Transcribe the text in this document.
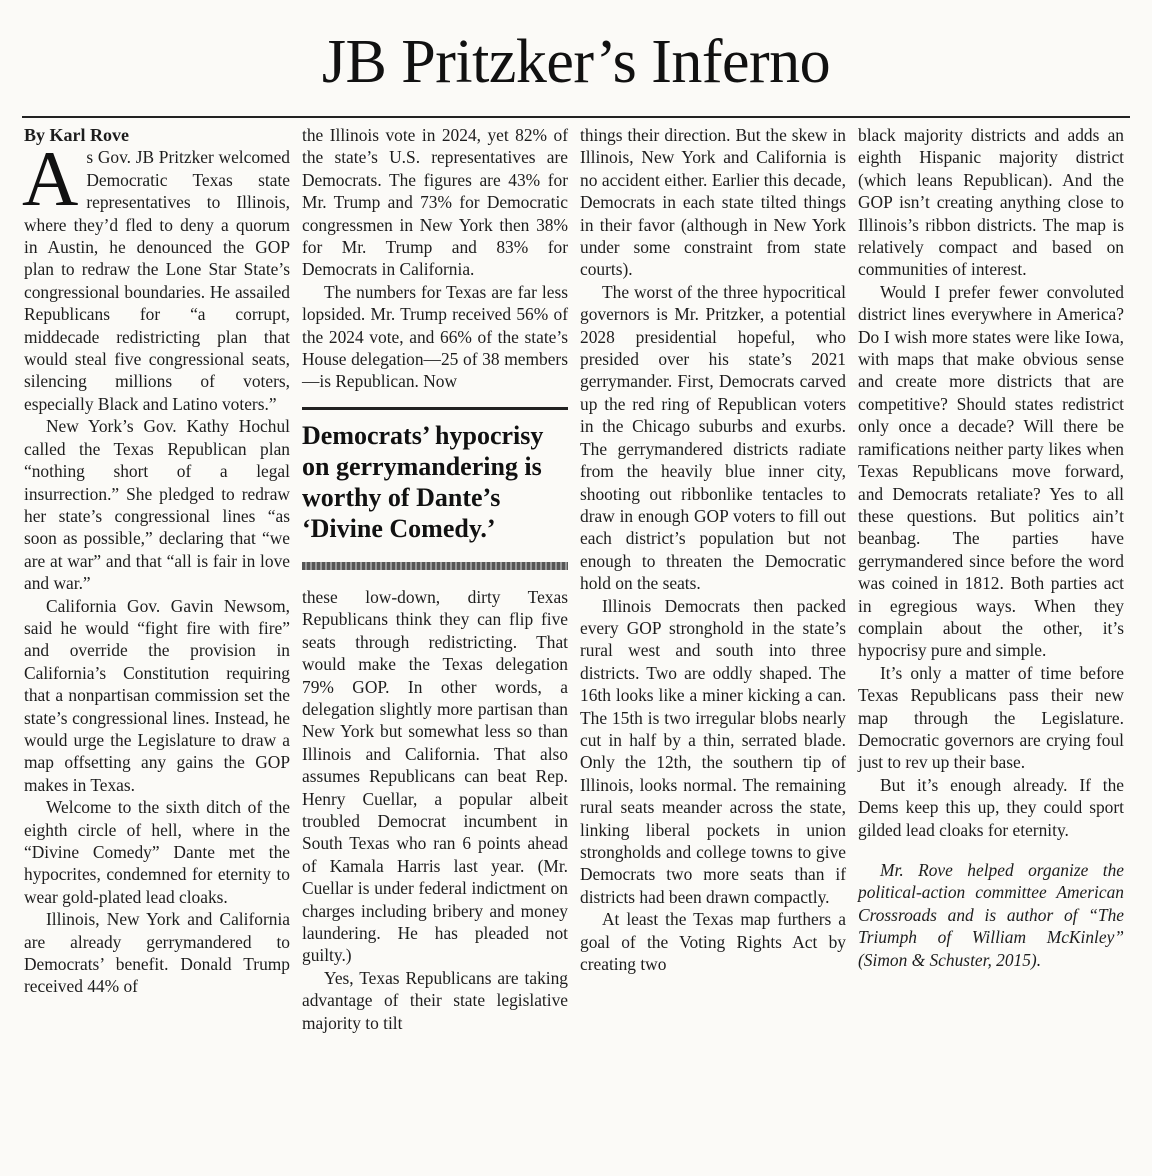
JB Pritzker’s Inferno

By Karl Rove

As Gov. JB Pritzker welcomed Democratic Texas state representatives to Illinois, where they’d fled to deny a quorum in Austin, he denounced the GOP plan to redraw the Lone Star State’s congressional boundaries. He assailed Republicans for “a corrupt, middecade redistricting plan that would steal five congressional seats, silencing millions of voters, especially Black and Latino voters.”

New York’s Gov. Kathy Hochul called the Texas Republican plan “nothing short of a legal insurrection.” She pledged to redraw her state’s congressional lines “as soon as possible,” declaring that “we are at war” and that “all is fair in love and war.”

California Gov. Gavin Newsom, said he would “fight fire with fire” and override the provision in California’s Constitution requiring that a nonpartisan commission set the state’s congressional lines. Instead, he would urge the Legislature to draw a map offsetting any gains the GOP makes in Texas.

Welcome to the sixth ditch of the eighth circle of hell, where in the “Divine Comedy” Dante met the hypocrites, condemned for eternity to wear gold-plated lead cloaks.

Illinois, New York and California are already gerrymandered to Democrats’ benefit. Donald Trump received 44% of

the Illinois vote in 2024, yet 82% of the state’s U.S. representatives are Democrats. The figures are 43% for Mr. Trump and 73% for Democratic congressmen in New York then 38% for Mr. Trump and 83% for Democrats in California.

The numbers for Texas are far less lopsided. Mr. Trump received 56% of the 2024 vote, and 66% of the state’s House delegation—25 of 38 members—is Republican. Now

Democrats’ hypocrisy on gerrymandering is worthy of Dante’s ‘Divine Comedy.’

these low-down, dirty Texas Republicans think they can flip five seats through redistricting. That would make the Texas delegation 79% GOP. In other words, a delegation slightly more partisan than New York but somewhat less so than Illinois and California. That also assumes Republicans can beat Rep. Henry Cuellar, a popular albeit troubled Democrat incumbent in South Texas who ran 6 points ahead of Kamala Harris last year. (Mr. Cuellar is under federal indictment on charges including bribery and money laundering. He has pleaded not guilty.)

Yes, Texas Republicans are taking advantage of their state legislative majority to tilt

things their direction. But the skew in Illinois, New York and California is no accident either. Earlier this decade, Democrats in each state tilted things in their favor (although in New York under some constraint from state courts).

The worst of the three hypocritical governors is Mr. Pritzker, a potential 2028 presidential hopeful, who presided over his state’s 2021 gerrymander. First, Democrats carved up the red ring of Republican voters in the Chicago suburbs and exurbs. The gerrymandered districts radiate from the heavily blue inner city, shooting out ribbonlike tentacles to draw in enough GOP voters to fill out each district’s population but not enough to threaten the Democratic hold on the seats.

Illinois Democrats then packed every GOP stronghold in the state’s rural west and south into three districts. Two are oddly shaped. The 16th looks like a miner kicking a can. The 15th is two irregular blobs nearly cut in half by a thin, serrated blade. Only the 12th, the southern tip of Illinois, looks normal. The remaining rural seats meander across the state, linking liberal pockets in union strongholds and college towns to give Democrats two more seats than if districts had been drawn compactly.

At least the Texas map furthers a goal of the Voting Rights Act by creating two

black majority districts and adds an eighth Hispanic majority district (which leans Republican). And the GOP isn’t creating anything close to Illinois’s ribbon districts. The map is relatively compact and based on communities of interest.

Would I prefer fewer convoluted district lines everywhere in America? Do I wish more states were like Iowa, with maps that make obvious sense and create more districts that are competitive? Should states redistrict only once a decade? Will there be ramifications neither party likes when Texas Republicans move forward, and Democrats retaliate? Yes to all these questions. But politics ain’t beanbag. The parties have gerrymandered since before the word was coined in 1812. Both parties act in egregious ways. When they complain about the other, it’s hypocrisy pure and simple.

It’s only a matter of time before Texas Republicans pass their new map through the Legislature. Democratic governors are crying foul just to rev up their base.

But it’s enough already. If the Dems keep this up, they could sport gilded lead cloaks for eternity.

Mr. Rove helped organize the political-action committee American Crossroads and is author of “The Triumph of William McKinley” (Simon & Schuster, 2015).
